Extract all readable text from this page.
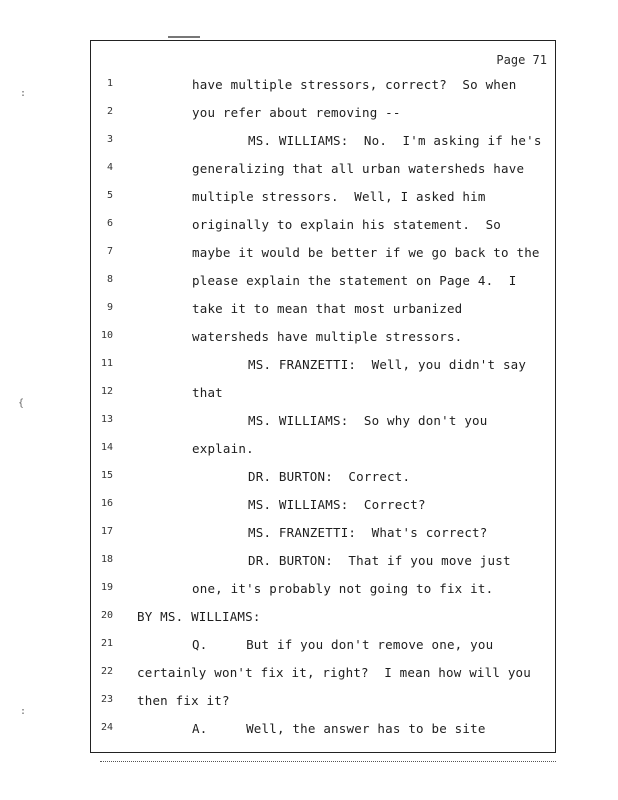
:
{
:
Page 71
1	have multiple stressors, correct?  So when
2	you refer about removing --
3	MS. WILLIAMS:  No.  I'm asking if he's
4	generalizing that all urban watersheds have
5	multiple stressors.  Well, I asked him
6	originally to explain his statement.  So
7	maybe it would be better if we go back to the
8	please explain the statement on Page 4.  I
9	take it to mean that most urbanized
10	watersheds have multiple stressors.
11	MS. FRANZETTI:  Well, you didn't say
12	that
13	MS. WILLIAMS:  So why don't you
14	explain.
15	DR. BURTON:  Correct.
16	MS. WILLIAMS:  Correct?
17	MS. FRANZETTI:  What's correct?
18	DR. BURTON:  That if you move just
19	one, it's probably not going to fix it.
20 BY MS. WILLIAMS:
21	Q.     But if you don't remove one, you
22 certainly won't fix it, right?  I mean how will you
23 then fix it?
24	A.     Well, the answer has to be site
